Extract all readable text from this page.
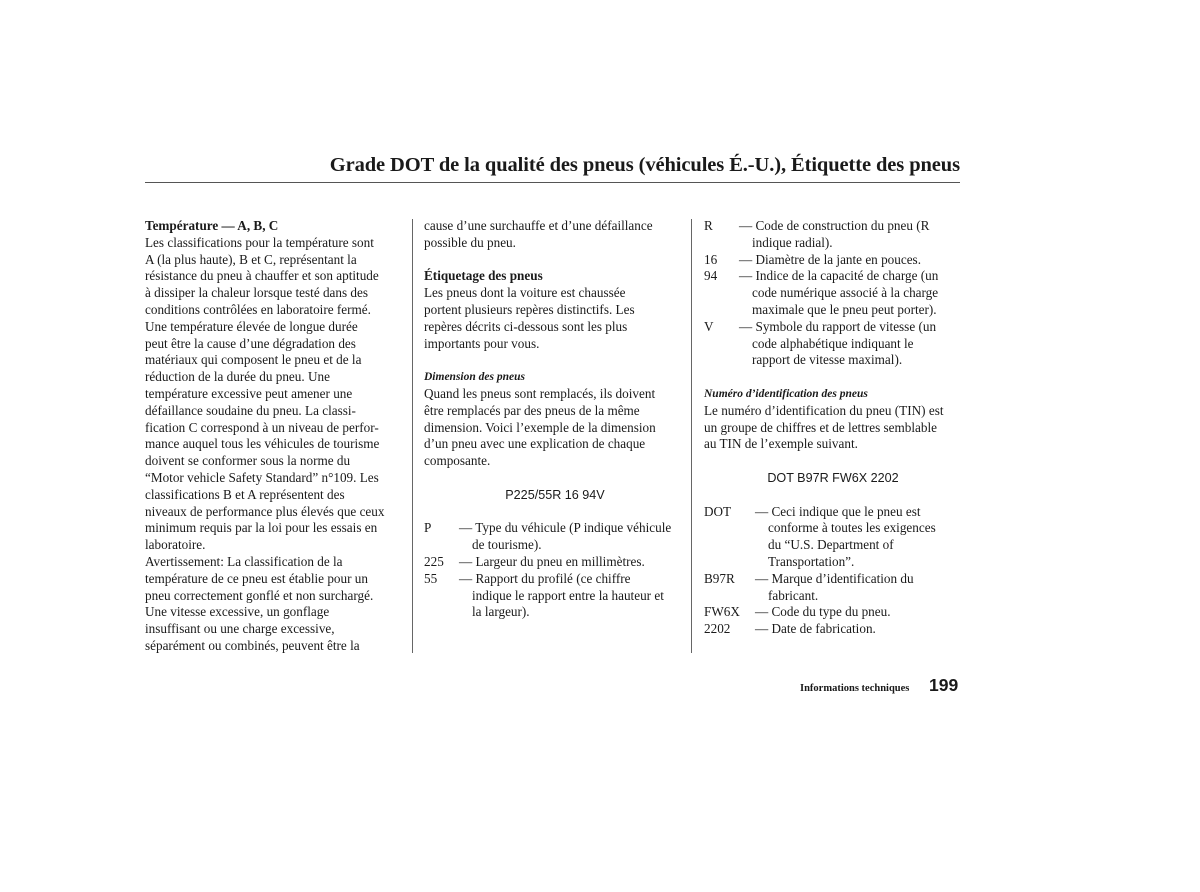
Grade DOT de la qualité des pneus (véhicules É.-U.), Étiquette des pneus

Température — A, B, C

Les classifications pour la température sont

A (la plus haute), B et C, représentant la

résistance du pneu à chauffer et son aptitude

à dissiper la chaleur lorsque testé dans des

conditions contrôlées en laboratoire fermé.

Une température élevée de longue durée

peut être la cause d’une dégradation des

matériaux qui composent le pneu et de la

réduction de la durée du pneu. Une

température excessive peut amener une

défaillance soudaine du pneu. La classi-

fication C correspond à un niveau de perfor-

mance auquel tous les véhicules de tourisme

doivent se conformer sous la norme du

“Motor vehicle Safety Standard” n°109. Les

classifications B et A représentent des

niveaux de performance plus élevés que ceux

minimum requis par la loi pour les essais en

laboratoire.

Avertissement: La classification de la

température de ce pneu est établie pour un

pneu correctement gonflé et non surchargé.

Une vitesse excessive, un gonflage

insuffisant ou une charge excessive,

séparément ou combinés, peuvent être la

cause d’une surchauffe et d’une défaillance

possible du pneu.

Étiquetage des pneus

Les pneus dont la voiture est chaussée

portent plusieurs repères distinctifs. Les

repères décrits ci-dessous sont les plus

importants pour vous.

Dimension des pneus

Quand les pneus sont remplacés, ils doivent

être remplacés par des pneus de la même

dimension. Voici l’exemple de la dimension

d’un pneu avec une explication de chaque

composante.

P225/55R 16 94V

P — Type du véhicule (P indique véhicule

de tourisme).

225 — Largeur du pneu en millimètres.

55 — Rapport du profilé (ce chiffre

indique le rapport entre la hauteur et

la largeur).

R — Code de construction du pneu (R

indique radial).

16 — Diamètre de la jante en pouces.

94 — Indice de la capacité de charge (un

code numérique associé à la charge

maximale que le pneu peut porter).

V — Symbole du rapport de vitesse (un

code alphabétique indiquant le

rapport de vitesse maximal).

Numéro d’identification des pneus

Le numéro d’identification du pneu (TIN) est

un groupe de chiffres et de lettres semblable

au TIN de l’exemple suivant.

DOT B97R FW6X 2202

DOT — Ceci indique que le pneu est

conforme à toutes les exigences

du “U.S. Department of

Transportation”.

B97R — Marque d’identification du

fabricant.

FW6X — Code du type du pneu.

2202 — Date de fabrication.

Informations techniques 199
